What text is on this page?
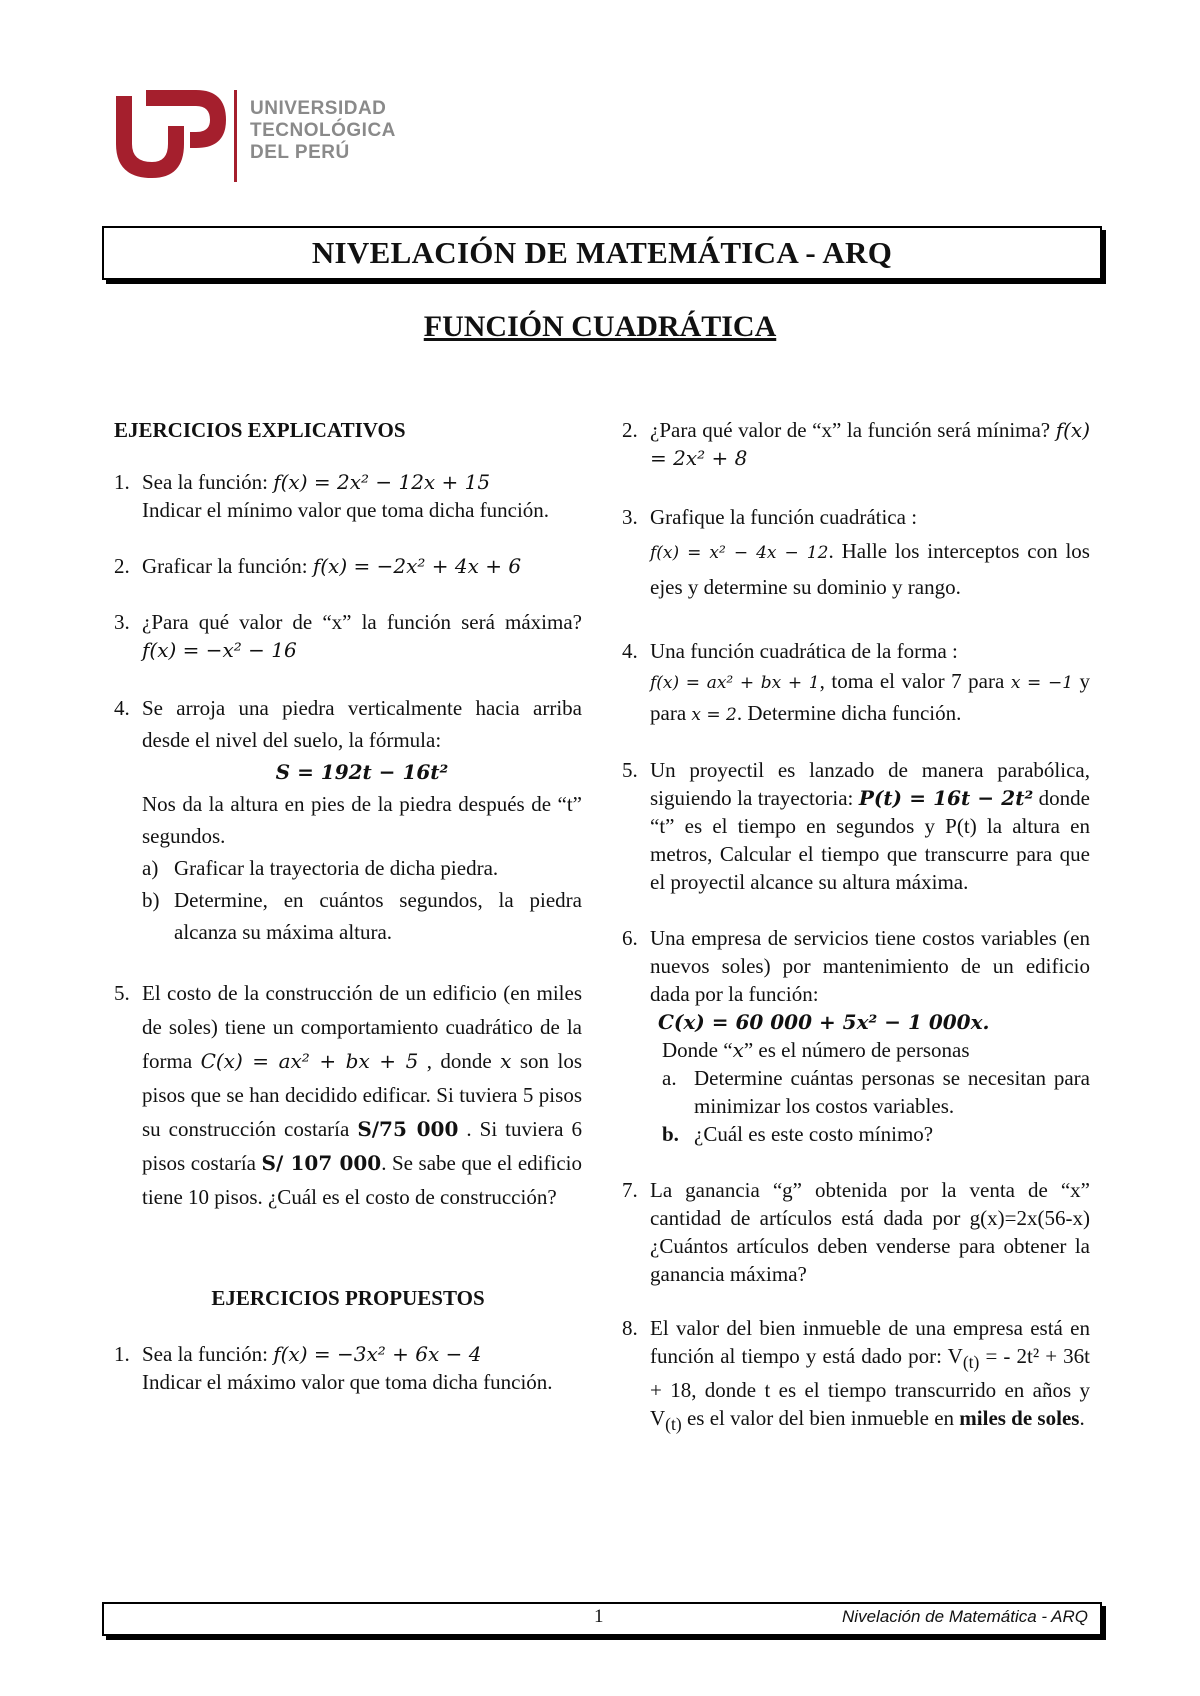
UNIVERSIDAD
TECNOLÓGICA
DEL PERÚ
NIVELACIÓN DE MATEMÁTICA - ARQ
FUNCIÓN CUADRÁTICA

EJERCICIOS EXPLICATIVOS

1. Sea la función: f(x) = 2x² − 12x + 15
Indicar el mínimo valor que toma dicha función.
2. Graficar la función: f(x) = −2x² + 4x + 6
3. ¿Para qué valor de “x” la función será máxima? f(x) = −x² − 16
4. Se arroja una piedra verticalmente hacia arriba desde el nivel del suelo, la fórmula:
S = 192t − 16t²
Nos da la altura en pies de la piedra después de “t” segundos.
a) Graficar la trayectoria de dicha piedra.
b) Determine, en cuántos segundos, la piedra alcanza su máxima altura.
5. El costo de la construcción de un edificio (en miles de soles) tiene un comportamiento cuadrático de la forma C(x) = ax² + bx + 5 , donde x son los pisos que se han decidido edificar. Si tuviera 5 pisos su construcción costaría S/75 000 . Si tuviera 6 pisos costaría S/ 107 000. Se sabe que el edificio tiene 10 pisos. ¿Cuál es el costo de construcción?

EJERCICIOS PROPUESTOS

1. Sea la función: f(x) = −3x² + 6x − 4
Indicar el máximo valor que toma dicha función.
2. ¿Para qué valor de “x” la función será mínima? f(x) = 2x² + 8
3. Grafique la función cuadrática :
f(x) = x² − 4x − 12. Halle los interceptos con los ejes y determine su dominio y rango.
4. Una función cuadrática de la forma :
f(x) = ax² + bx + 1, toma el valor 7 para x = −1 y para x = 2. Determine dicha función.
5. Un proyectil es lanzado de manera parabólica, siguiendo la trayectoria: P(t) = 16t − 2t² donde “t” es el tiempo en segundos y P(t) la altura en metros, Calcular el tiempo que transcurre para que el proyectil alcance su altura máxima.
6. Una empresa de servicios tiene costos variables (en nuevos soles) por mantenimiento de un edificio dada por la función:
C(x) = 60 000 + 5x² − 1 000x.
Donde “x” es el número de personas
a. Determine cuántas personas se necesitan para minimizar los costos variables.
b. ¿Cuál es este costo mínimo?
7. La ganancia “g” obtenida por la venta de “x” cantidad de artículos está dada por g(x)=2x(56-x) ¿Cuántos artículos deben venderse para obtener la ganancia máxima?
8. El valor del bien inmueble de una empresa está en función al tiempo y está dado por: $V_{(t)}$ = - 2t² + 36t + 18, donde t es el tiempo transcurrido en años y $V_{(t)}$ es el valor del bien inmueble en miles de soles.
1	Nivelación de Matemática - ARQ
